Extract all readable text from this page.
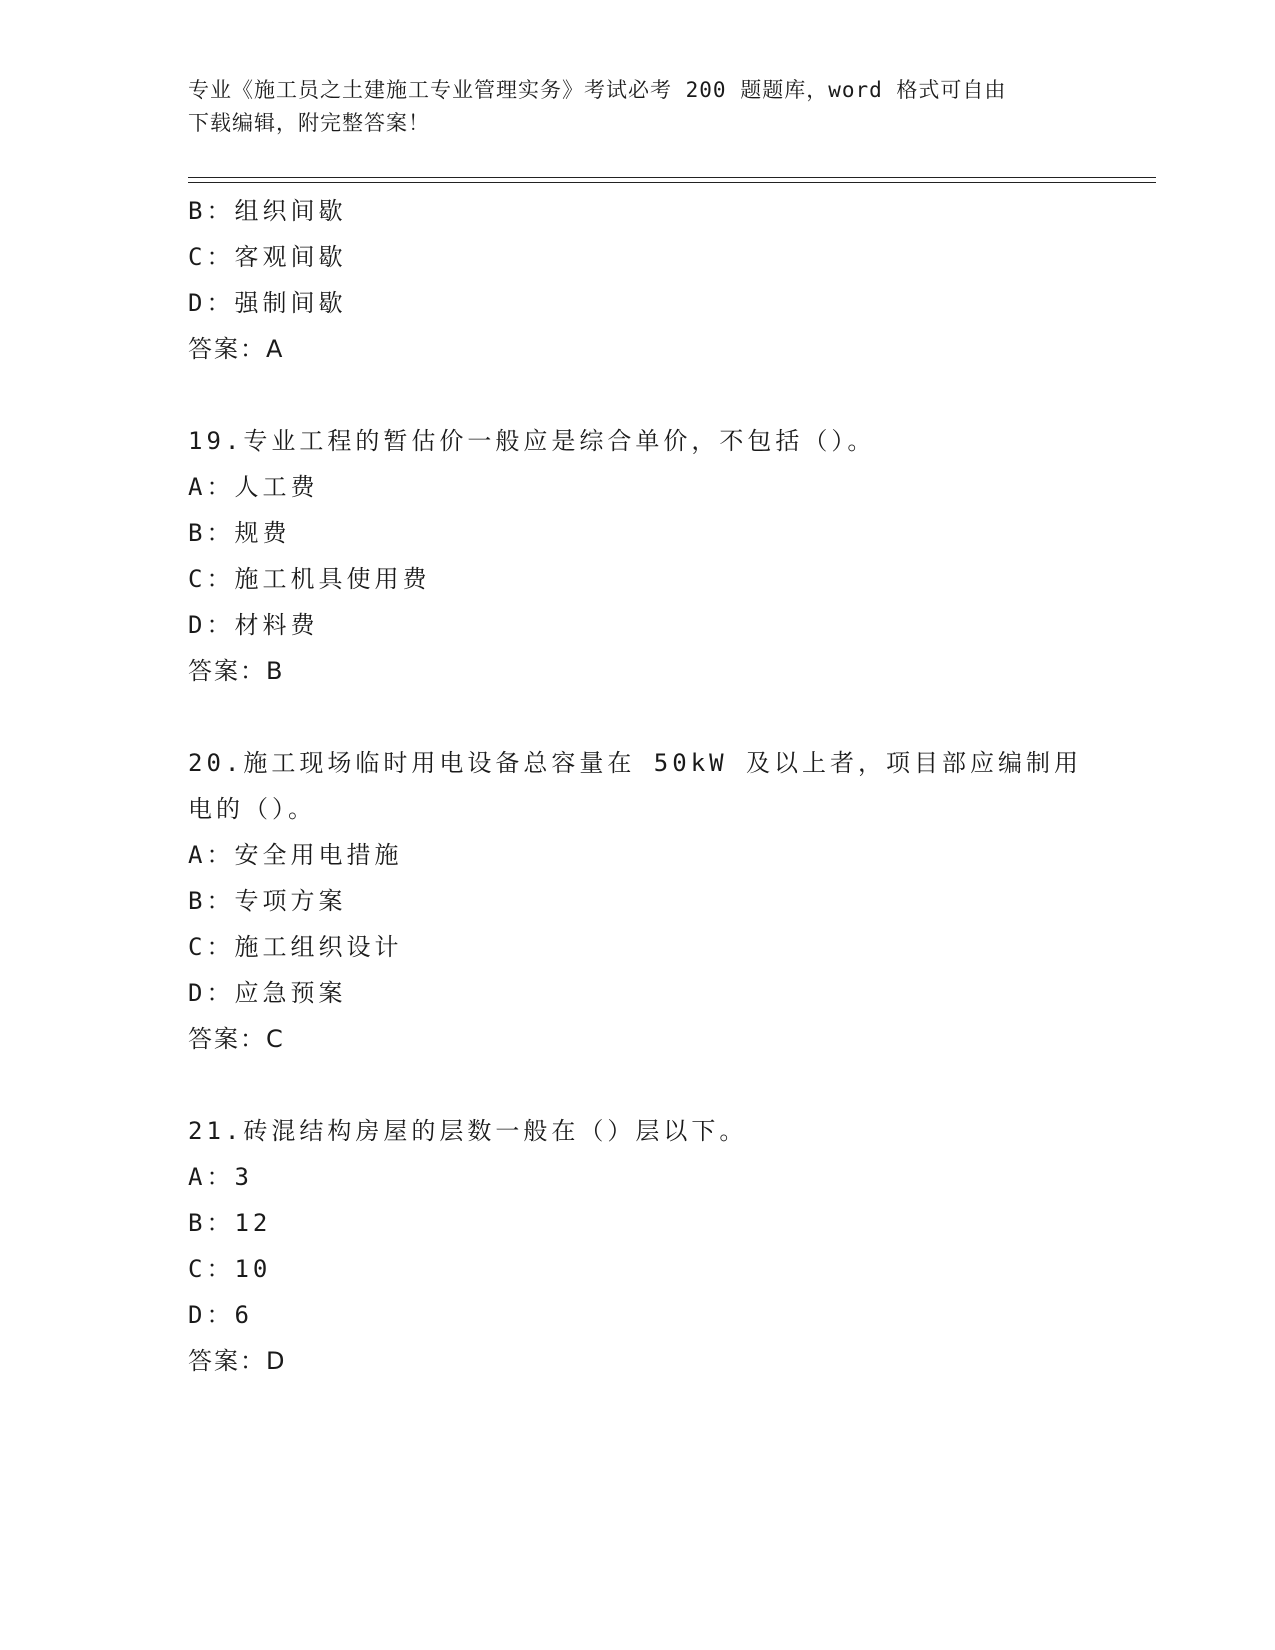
专业《施工员之土建施工专业管理实务》考试必考 200 题题库，word 格式可自由
下载编辑，附完整答案！
B：组织间歇
C：客观间歇
D：强制间歇
答案：A
19.专业工程的暂估价一般应是综合单价，不包括（）。
A：人工费
B：规费
C：施工机具使用费
D：材料费
答案：B
20.施工现场临时用电设备总容量在 50kW 及以上者，项目部应编制用
电的（）。
A：安全用电措施
B：专项方案
C：施工组织设计
D：应急预案
答案：C
21.砖混结构房屋的层数一般在（）层以下。
A：3
B：12
C：10
D：6
答案：D
